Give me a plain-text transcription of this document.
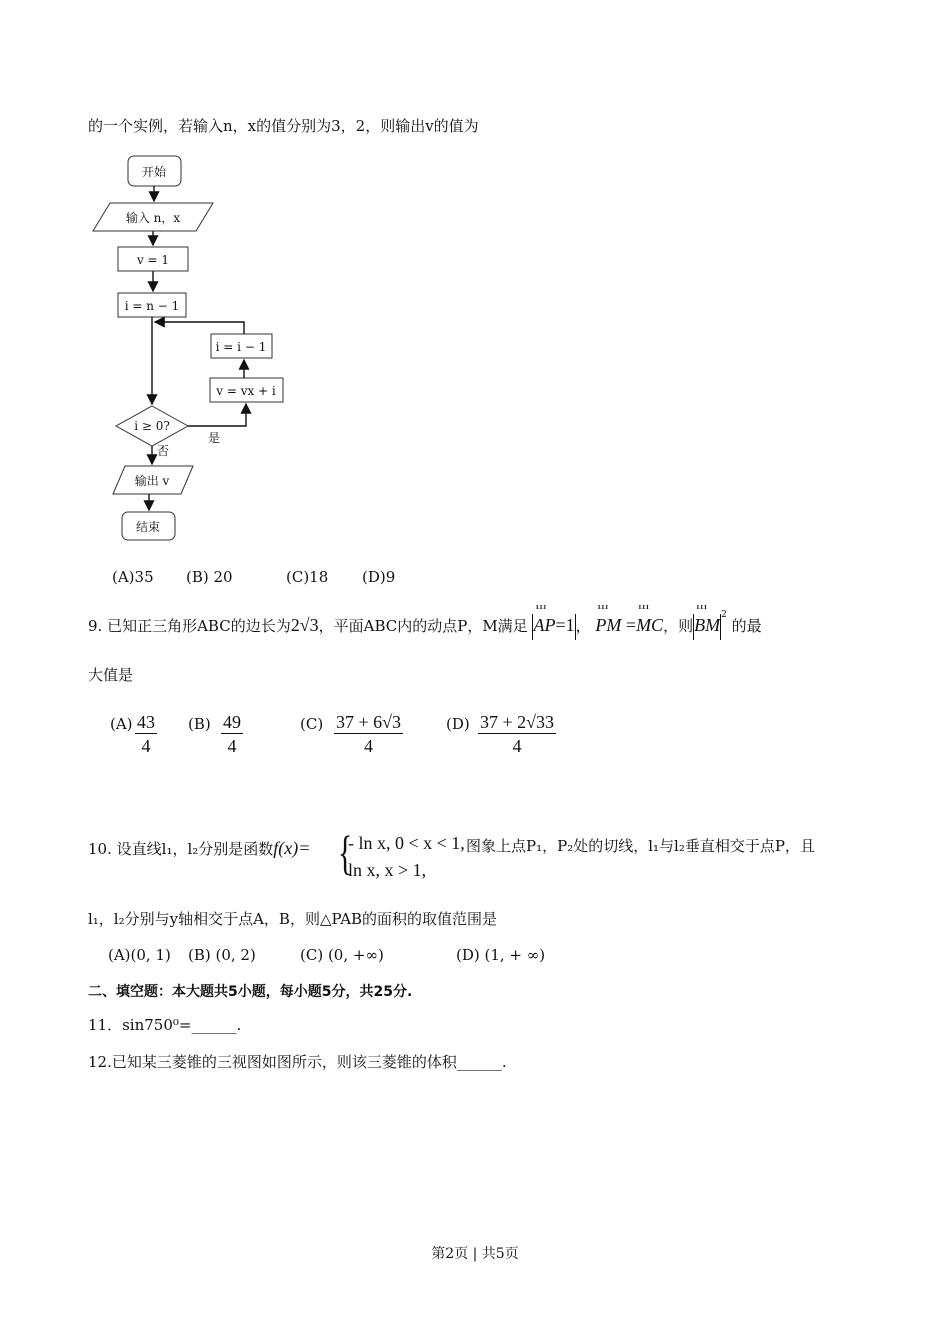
的一个实例，若输入n，x的值分别为3，2，则输出v的值为
开始
输入 n，x
v = 1
i = n − 1
i = i − 1
v = vx + i
i ≥ 0?
是
否
输出 v
结束
(A)35 (B) 20	(C)18 (D)9
9. 已知正三角形ABC的边长为2√3，平面ABC内的动点P，M满足 Ш AP=1， Ш PM =Ш MC，则Ш $BM^2$ 的最
大值是
$(A) \frac{43}{4} (B) \frac{49}{4}$	$(C) \frac{37 + 6√3}{4}$	$(D) \frac{37 + 2√33}{4}$
10. 设直线l₁，l₂分别是函数f(x)= {
- ln x, 0 < x < 1,
ln x, x > 1,
图象上点P₁，P₂处的切线，l₁与l₂垂直相交于点P，且
l₁，l₂分别与y轴相交于点A，B，则△PAB的面积的取值范围是
(A)(0, 1) (B) (0, 2)	(C) (0, +∞)	(D) (1, + ∞)
二、填空题：本大题共5小题，每小题5分，共25分.
11．sin750⁰=______.
12.已知某三菱锥的三视图如图所示，则该三菱锥的体积______.
第2页 | 共5页
